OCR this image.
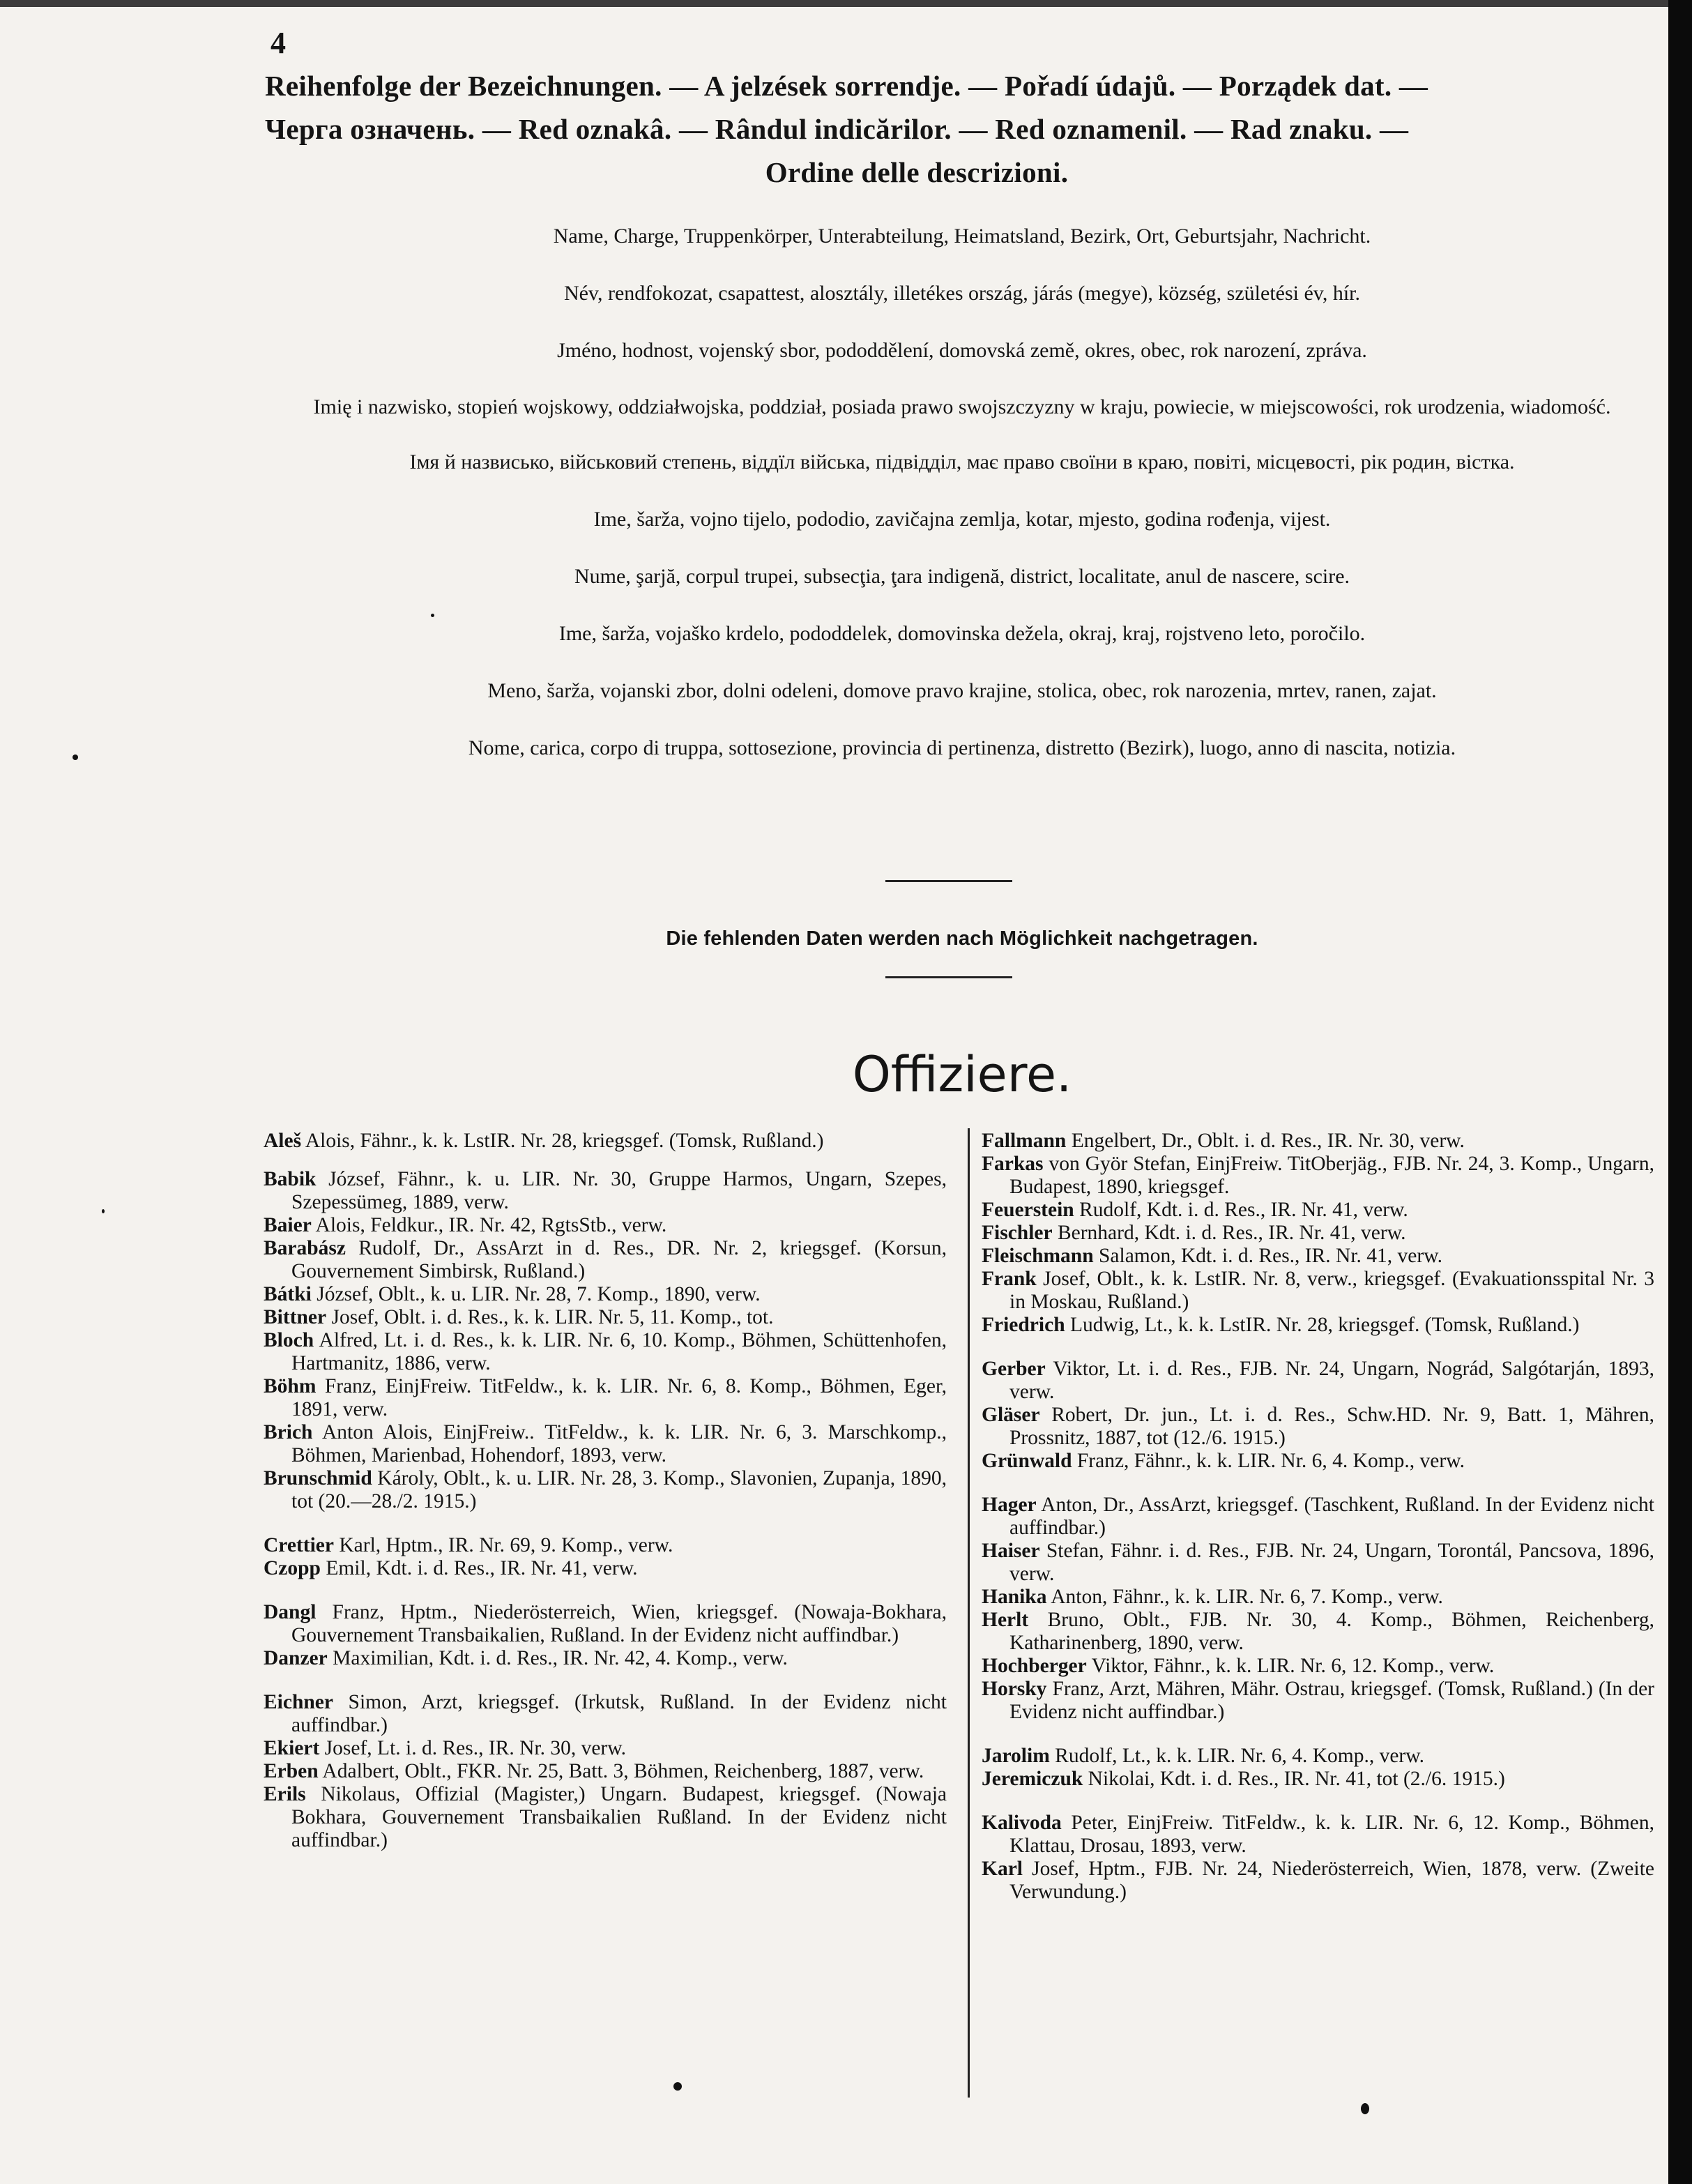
4
Reihenfolge der Bezeichnungen. — A jelzések sorrendje. — Pořadí údajů. — Porządek dat. —
Черга означень. — Red oznakâ. — Rândul indicărilor. — Red oznamenil. — Rad znaku. —
Ordine delle descrizioni.

Name, Charge, Truppenkörper, Unterabteilung, Heimatsland, Bezirk, Ort, Geburtsjahr, Nachricht.

Név, rendfokozat, csapattest, alosztály, illetékes ország, járás (megye), község, születési év, hír.

Jméno, hodnost, vojenský sbor, pododdělení, domovská země, okres, obec, rok narození, zpráva.

Imię i nazwisko, stopień wojskowy, oddziałwojska, poddział, posiada prawo swojszczyzny w kraju, powiecie, w miejscowości, rok urodzenia, wiadomość.

Імя й назвисько, військовий степень, віддїл війська, підвідділ, має право своїни в краю, повіті, місцевості, рік родин, вістка.

Ime, šarža, vojno tijelo, pododio, zavičajna zemlja, kotar, mjesto, godina rođenja, vijest.

Nume, şarjă, corpul trupei, subsecţia, ţara indigenă, district, localitate, anul de nascere, scire.

Ime, šarža, vojaško krdelo, pododdelek, domovinska dežela, okraj, kraj, rojstveno leto, poročilo.

Meno, šarža, vojanski zbor, dolni odeleni, domove pravo krajine, stolica, obec, rok narozenia, mrtev, ranen, zajat.

Nome, carica, corpo di truppa, sottosezione, provincia di pertinenza, distretto (Bezirk), luogo, anno di nascita, notizia.

Die fehlenden Daten werden nach Möglichkeit nachgetragen.
Offiziere.
Aleš Alois, Fähnr., k. k. LstIR. Nr. 28, kriegsgef. (Tomsk, Rußland.)
Babik József, Fähnr., k. u. LIR. Nr. 30, Gruppe Harmos, Ungarn, Szepes, Szepessümeg, 1889, verw.
Baier Alois, Feldkur., IR. Nr. 42, RgtsStb., verw.
Barabász Rudolf, Dr., AssArzt in d. Res., DR. Nr. 2, kriegsgef. (Korsun, Gouvernement Simbirsk, Rußland.)
Bátki József, Oblt., k. u. LIR. Nr. 28, 7. Komp., 1890, verw.
Bittner Josef, Oblt. i. d. Res., k. k. LIR. Nr. 5, 11. Komp., tot.
Bloch Alfred, Lt. i. d. Res., k. k. LIR. Nr. 6, 10. Komp., Böhmen, Schüttenhofen, Hartmanitz, 1886, verw.
Böhm Franz, EinjFreiw. TitFeldw., k. k. LIR. Nr. 6, 8. Komp., Böhmen, Eger, 1891, verw.
Brich Anton Alois, EinjFreiw.. TitFeldw., k. k. LIR. Nr. 6, 3. Marschkomp., Böhmen, Marienbad, Hohendorf, 1893, verw.
Brunschmid Károly, Oblt., k. u. LIR. Nr. 28, 3. Komp., Slavonien, Zupanja, 1890, tot (20.—28./2. 1915.)
Crettier Karl, Hptm., IR. Nr. 69, 9. Komp., verw.
Czopp Emil, Kdt. i. d. Res., IR. Nr. 41, verw.
Dangl Franz, Hptm., Niederösterreich, Wien, kriegsgef. (Nowaja-Bokhara, Gouvernement Transbaikalien, Rußland. In der Evidenz nicht auffindbar.)
Danzer Maximilian, Kdt. i. d. Res., IR. Nr. 42, 4. Komp., verw.
Eichner Simon, Arzt, kriegsgef. (Irkutsk, Rußland. In der Evidenz nicht auffindbar.)
Ekiert Josef, Lt. i. d. Res., IR. Nr. 30, verw.
Erben Adalbert, Oblt., FKR. Nr. 25, Batt. 3, Böhmen, Reichenberg, 1887, verw.
Erils Nikolaus, Offizial (Magister,) Ungarn. Budapest, kriegsgef. (Nowaja Bokhara, Gouvernement Transbaikalien Rußland. In der Evidenz nicht auffindbar.)
Fallmann Engelbert, Dr., Oblt. i. d. Res., IR. Nr. 30, verw.
Farkas von Györ Stefan, EinjFreiw. TitOberjäg., FJB. Nr. 24, 3. Komp., Ungarn, Budapest, 1890, kriegsgef.
Feuerstein Rudolf, Kdt. i. d. Res., IR. Nr. 41, verw.
Fischler Bernhard, Kdt. i. d. Res., IR. Nr. 41, verw.
Fleischmann Salamon, Kdt. i. d. Res., IR. Nr. 41, verw.
Frank Josef, Oblt., k. k. LstIR. Nr. 8, verw., kriegsgef. (Evakuationsspital Nr. 3 in Moskau, Rußland.)
Friedrich Ludwig, Lt., k. k. LstIR. Nr. 28, kriegsgef. (Tomsk, Rußland.)
Gerber Viktor, Lt. i. d. Res., FJB. Nr. 24, Ungarn, Nográd, Salgótarján, 1893, verw.
Gläser Robert, Dr. jun., Lt. i. d. Res., Schw.HD. Nr. 9, Batt. 1, Mähren, Prossnitz, 1887, tot (12./6. 1915.)
Grünwald Franz, Fähnr., k. k. LIR. Nr. 6, 4. Komp., verw.
Hager Anton, Dr., AssArzt, kriegsgef. (Taschkent, Rußland. In der Evidenz nicht auffindbar.)
Haiser Stefan, Fähnr. i. d. Res., FJB. Nr. 24, Ungarn, Torontál, Pancsova, 1896, verw.
Hanika Anton, Fähnr., k. k. LIR. Nr. 6, 7. Komp., verw.
Herlt Bruno, Oblt., FJB. Nr. 30, 4. Komp., Böhmen, Reichenberg, Katharinenberg, 1890, verw.
Hochberger Viktor, Fähnr., k. k. LIR. Nr. 6, 12. Komp., verw.
Horsky Franz, Arzt, Mähren, Mähr. Ostrau, kriegsgef. (Tomsk, Rußland.) (In der Evidenz nicht auffindbar.)
Jarolim Rudolf, Lt., k. k. LIR. Nr. 6, 4. Komp., verw.
Jeremiczuk Nikolai, Kdt. i. d. Res., IR. Nr. 41, tot (2./6. 1915.)
Kalivoda Peter, EinjFreiw. TitFeldw., k. k. LIR. Nr. 6, 12. Komp., Böhmen, Klattau, Drosau, 1893, verw.
Karl Josef, Hptm., FJB. Nr. 24, Niederösterreich, Wien, 1878, verw. (Zweite Verwundung.)
